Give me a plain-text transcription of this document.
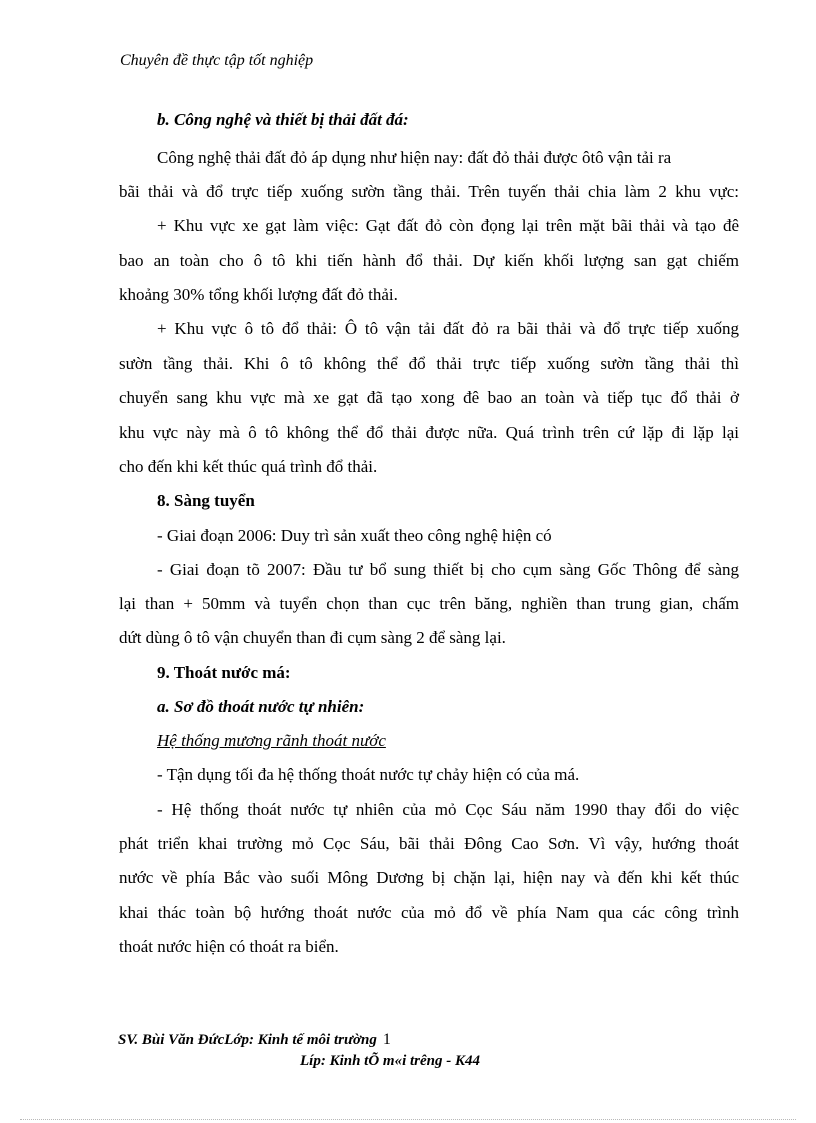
Chuyên đề thực tập tốt nghiệp
b. Công nghệ và thiết bị thải đất đá:
Công nghệ thải đất đỏ áp dụng như hiện nay: đất đỏ thải được ôtô vận tải ra
bãi thải và đổ trực tiếp xuống sườn tầng thải. Trên tuyến thải chia làm 2 khu vực:
+ Khu vực xe gạt làm việc: Gạt đất đỏ còn đọng lại trên mặt bãi thải và tạo đê
bao an toàn cho ô tô khi tiến hành đổ thải. Dự kiến khối lượng san gạt chiếm
khoảng 30% tổng khối lượng đất đỏ thải.
+ Khu vực ô tô đổ thải: Ô tô vận tải đất đỏ ra bãi thải và đổ trực tiếp xuống
sườn tầng thải. Khi ô tô không thể đổ thải trực tiếp xuống sườn tầng thải thì
chuyển sang khu vực mà xe gạt đã tạo xong đê bao an toàn và tiếp tục đổ thải ở
khu vực này mà ô tô không thể đổ thải được nữa. Quá trình trên cứ lặp đi lặp lại
cho đến khi kết thúc quá trình đổ thải.
8. Sàng tuyển
- Giai đoạn 2006: Duy trì sản xuất theo công nghệ hiện có
- Giai đoạn tõ 2007: Đầu tư bổ sung thiết bị cho cụm sàng Gốc Thông để sàng
lại than + 50mm và tuyển chọn than cục trên băng, nghiền than trung gian, chấm
dứt dùng ô tô vận chuyển than đi cụm sàng 2 để sàng lại.
9. Thoát nước má:
a. Sơ đồ thoát nước tự nhiên:
Hệ thống mương rãnh thoát nước
- Tận dụng tối đa hệ thống thoát nước tự chảy hiện có của má.
- Hệ thống thoát nước tự nhiên của mỏ Cọc Sáu năm 1990 thay đổi do việc
phát triển khai trường mỏ Cọc Sáu, bãi thải Đông Cao Sơn. Vì vậy, hướng thoát
nước về phía Bắc vào suối Mông Dương bị chặn lại, hiện nay và đến khi kết thúc
khai thác toàn bộ hướng thoát nước của mỏ đổ về phía Nam qua các công trình
thoát nước hiện có thoát ra biển.
SV. Bùi Văn ĐứcLớp: Kinh tế môi trường 1
Líp: Kinh tÕ m«i trêng - K44
